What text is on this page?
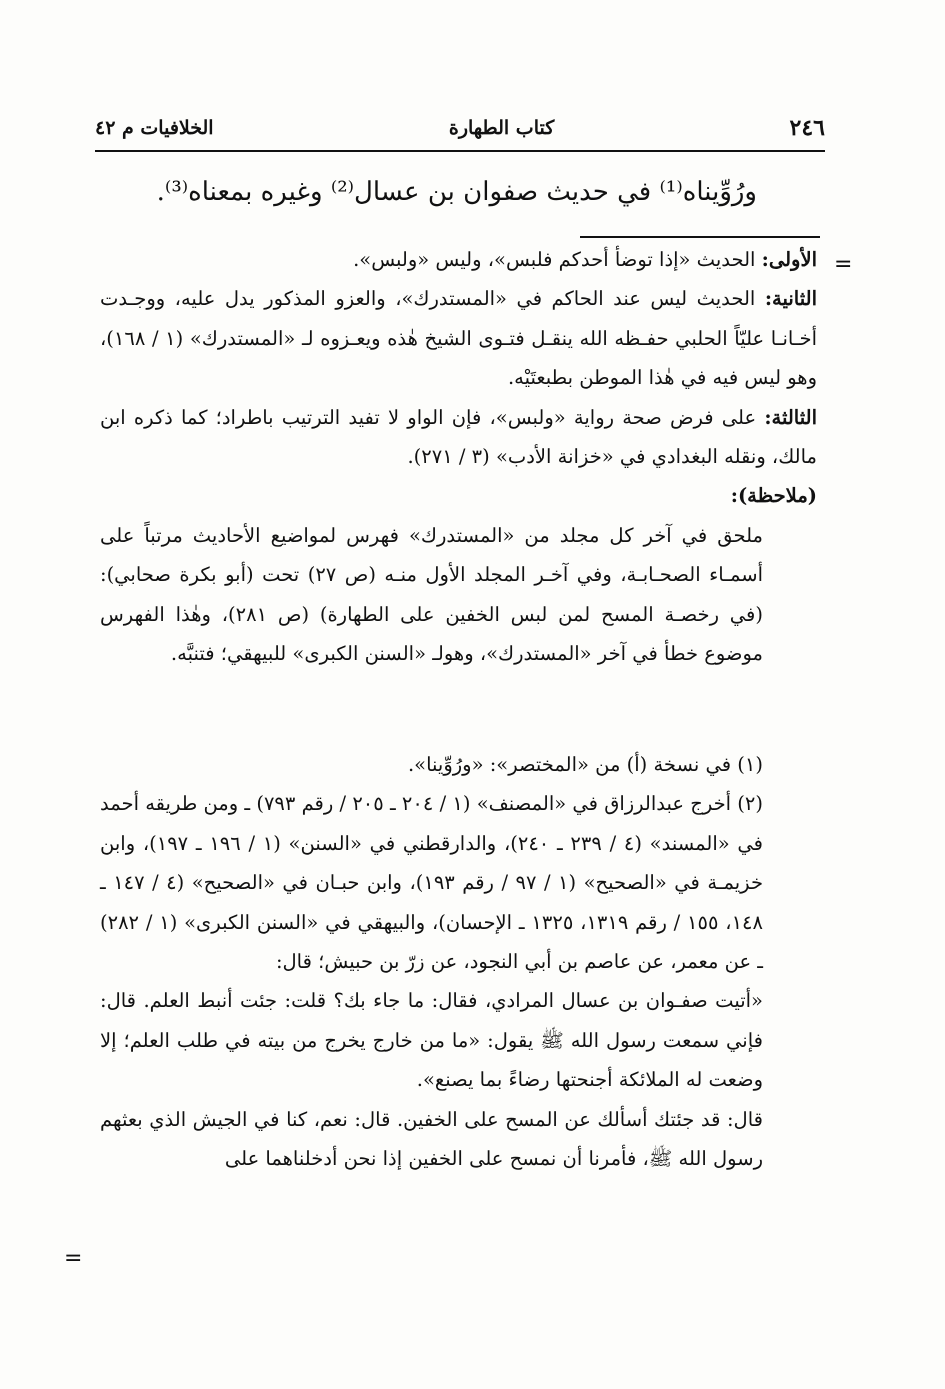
٢٤٦
كتاب الطهارة
الخلافيات م ٤٢
ورُوِّيناه⁽¹⁾ في حديث صفوان بن عسال⁽²⁾ وغيره بمعناه⁽³⁾.
=

الأولى: الحديث «إذا توضأ أحدكم فلبس»، وليس «ولبس».

الثانية: الحديث ليس عند الحاكم في «المستدرك»، والعزو المذكور يدل عليه، ووجـدت أخـانـا عليّاً الحلبي حفـظه الله ينقـل فتـوى الشيخ هٰذه ويعـزوه لـ «المستدرك» (١ / ١٦٨)، وهو ليس فيه في هٰذا الموطن بطبعتَيْه.

الثالثة: على فرض صحة رواية «ولبس»، فإن الواو لا تفيد الترتيب باطراد؛ كما ذكره ابن مالك، ونقله البغدادي في «خزانة الأدب» (٣ / ٢٧١).

(ملاحظة):

ملحق في آخر كل مجلد من «المستدرك» فهرس لمواضيع الأحاديث مرتباً على أسمـاء الصحـابـة، وفي آخـر المجلد الأول منـه (ص ٢٧) تحت (أبو بكرة صحابي): (في رخصـة المسح لمن لبس الخفين على الطهارة) (ص ٢٨١)، وهٰذا الفهرس موضوع خطأ في آخر «المستدرك»، وهولـ «السنن الكبرى» للبيهقي؛ فتنبَّه.

(١) في نسخة (أ) من «المختصر»: «ورُوِّينا».

(٢) أخرج عبدالرزاق في «المصنف» (١ / ٢٠٤ ـ ٢٠٥ / رقم ٧٩٣) ـ ومن طريقه أحمد في «المسند» (٤ / ٢٣٩ ـ ٢٤٠)، والدارقطني في «السنن» (١ / ١٩٦ ـ ١٩٧)، وابن خزيمـة في «الصحيح» (١ / ٩٧ / رقم ١٩٣)، وابن حبـان في «الصحيح» (٤ / ١٤٧ ـ ١٤٨، ١٥٥ / رقم ١٣١٩، ١٣٢٥ ـ الإحسان)، والبيهقي في «السنن الكبرى» (١ / ٢٨٢) ـ عن معمر، عن عاصم بن أبي النجود، عن زرّ بن حبيش؛ قال:

«أتيت صفـوان بن عسال المرادي، فقال: ما جاء بك؟ قلت: جئت أنبط العلم. قال: فإني سمعت رسول الله ﷺ يقول: «ما من خارج يخرج من بيته في طلب العلم؛ إلا وضعت له الملائكة أجنحتها رضاءً بما يصنع».

قال: قد جئتك أسألك عن المسح على الخفين. قال: نعم، كنا في الجيش الذي بعثهم رسول الله ﷺ، فأمرنا أن نمسح على الخفين إذا نحن أدخلناهما على

=
